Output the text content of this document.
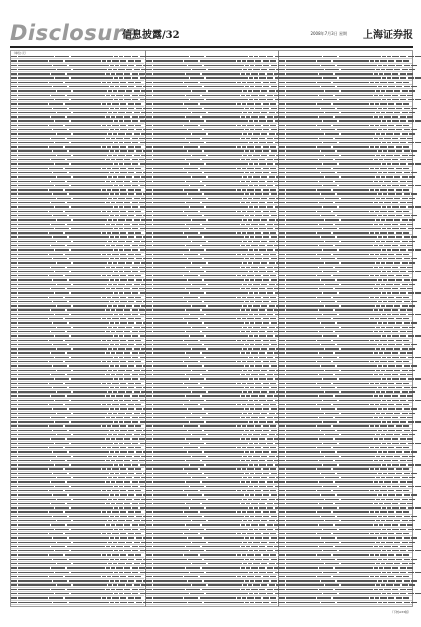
Disclosure
信息披露/32	2008年7月3日 星期 上海证券报
（单位:元）
（下转A33版）
